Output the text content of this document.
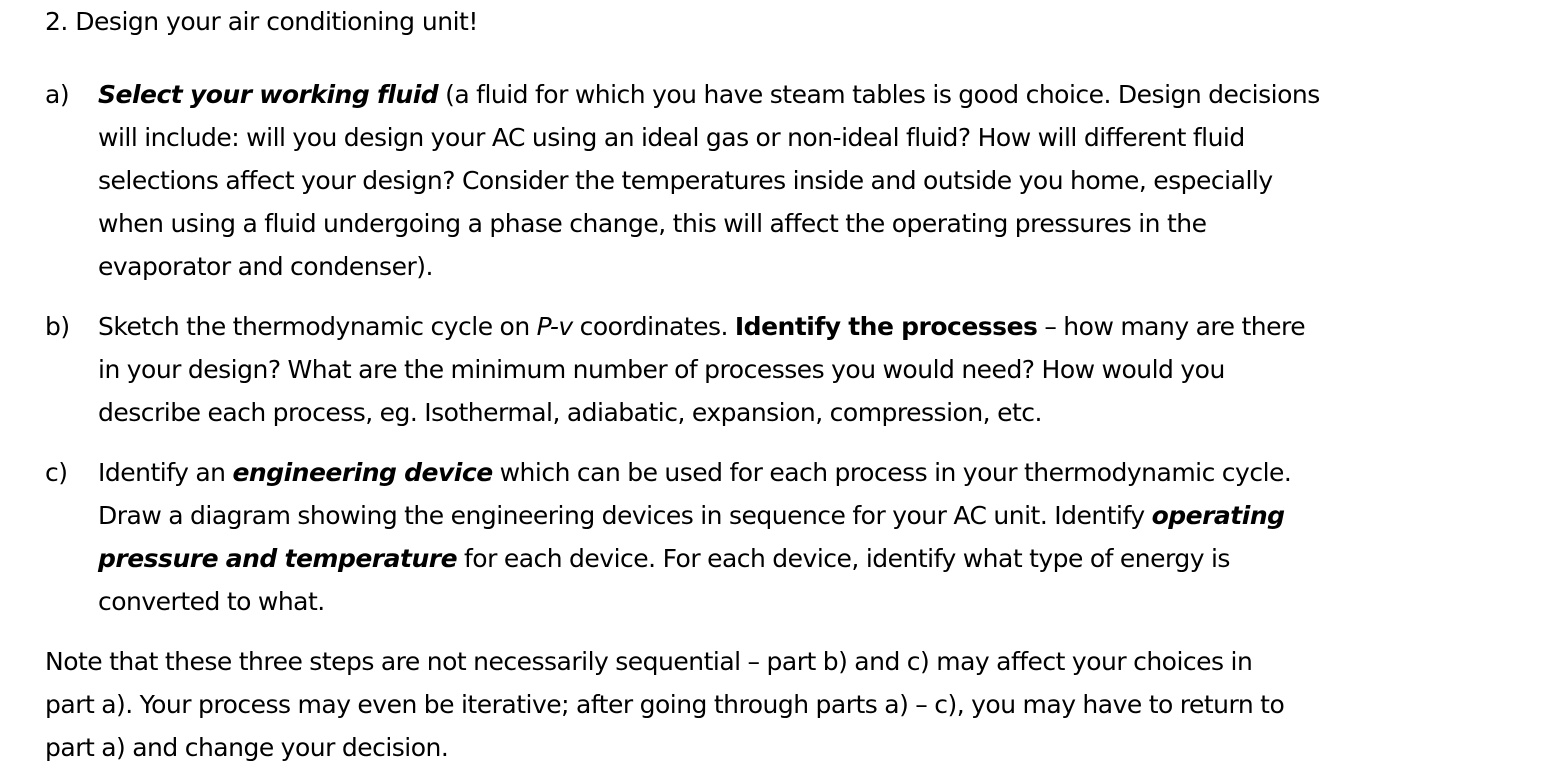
2. Design your air conditioning unit!
a) Select your working fluid (a fluid for which you have steam tables is good choice. Design decisions
will include: will you design your AC using an ideal gas or non-ideal fluid? How will different fluid
selections affect your design? Consider the temperatures inside and outside you home, especially
when using a fluid undergoing a phase change, this will affect the operating pressures in the
evaporator and condenser).
b) Sketch the thermodynamic cycle on P-v coordinates. Identify the processes – how many are there
in your design? What are the minimum number of processes you would need? How would you
describe each process, eg. Isothermal, adiabatic, expansion, compression, etc.
c) Identify an engineering device which can be used for each process in your thermodynamic cycle.
Draw a diagram showing the engineering devices in sequence for your AC unit. Identify operating
pressure and temperature for each device. For each device, identify what type of energy is
converted to what.
Note that these three steps are not necessarily sequential – part b) and c) may affect your choices in
part a). Your process may even be iterative; after going through parts a) – c), you may have to return to
part a) and change your decision.
